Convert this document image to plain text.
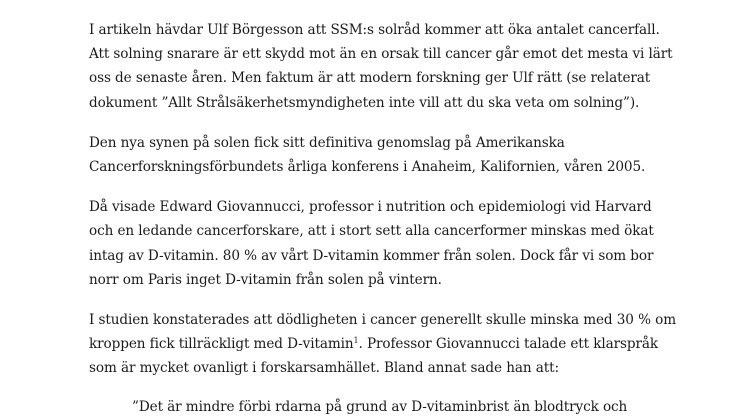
I artikeln hävdar Ulf Börgesson att SSM:s solråd kommer att öka antalet cancerfall.
Att solning snarare är ett skydd mot än en orsak till cancer går emot det mesta vi lärt
oss de senaste åren. Men faktum är att modern forskning ger Ulf rätt (se relaterat
dokument ”Allt Strålsäkerhetsmyndigheten inte vill att du ska veta om solning”).

Den nya synen på solen fick sitt definitiva genomslag på Amerikanska
Cancerforskningsförbundets årliga konferens i Anaheim, Kalifornien, våren 2005.

Då visade Edward Giovannucci, professor i nutrition och epidemiologi vid Harvard
och en ledande cancerforskare, att i stort sett alla cancerformer minskas med ökat
intag av D-vitamin. 80 % av vårt D-vitamin kommer från solen. Dock får vi som bor
norr om Paris inget D-vitamin från solen på vintern.

I studien konstaterades att dödligheten i cancer generellt skulle minska med 30 % om
kroppen fick tillräckligt med D-vitamin$^1$. Professor Giovannucci talade ett klarspråk
som är mycket ovanligt i forskarsamhället. Bland annat sade han att:

”Det är mindre förbi rdarna på grund av D-vitaminbrist än blodtryck och
